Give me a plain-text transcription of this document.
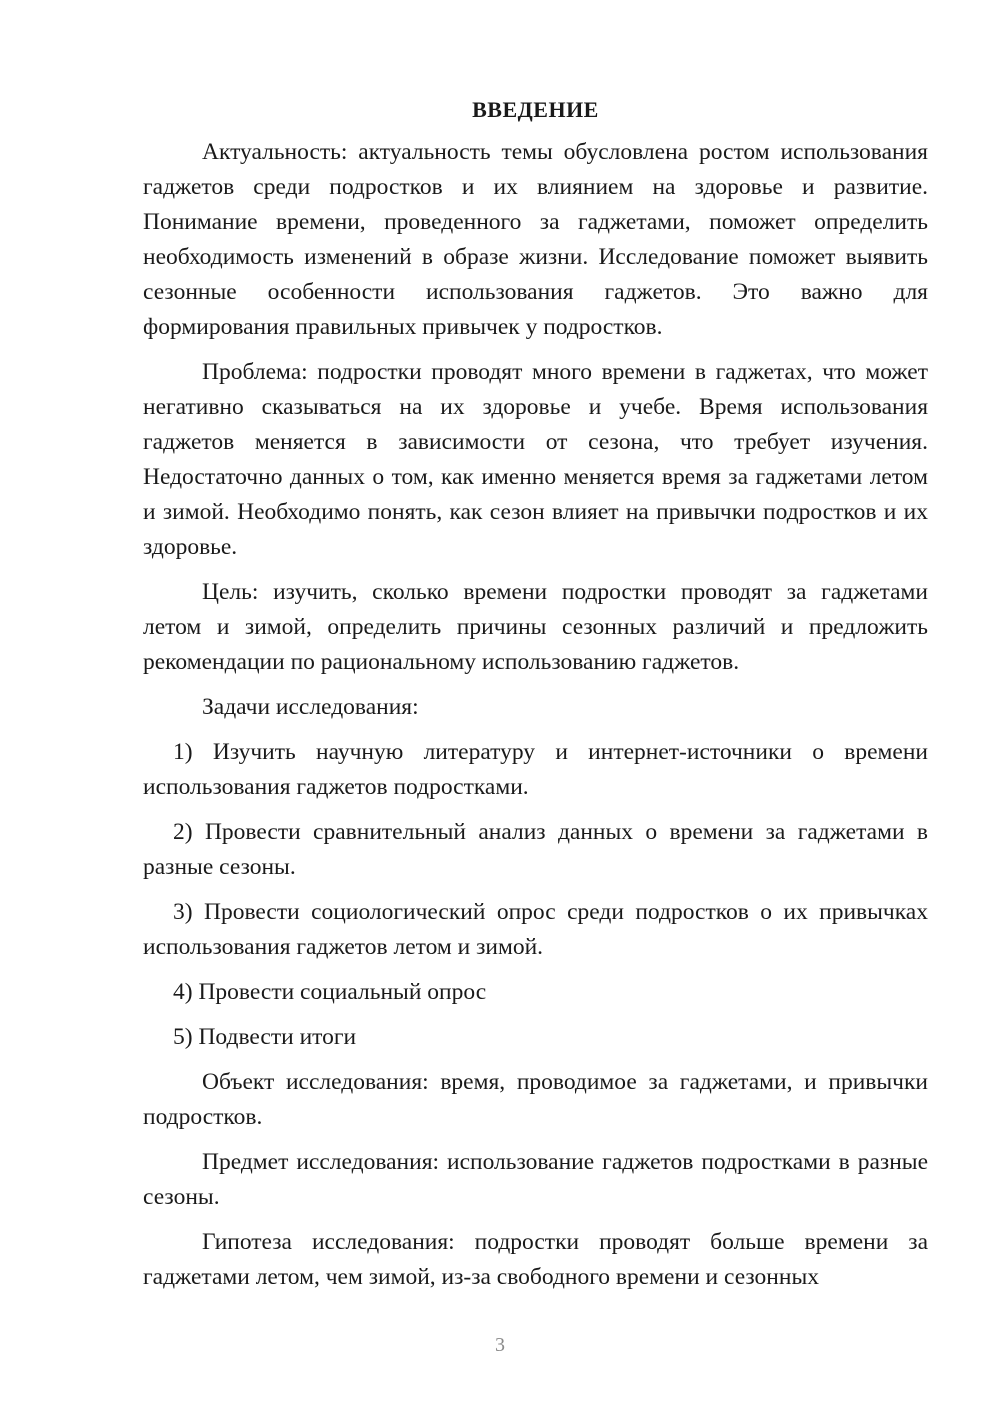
ВВЕДЕНИЕ

Актуальность: актуальность темы обусловлена ростом использования гаджетов среди подростков и их влиянием на здоровье и развитие. Понимание времени, проведенного за гаджетами, поможет определить необходимость изменений в образе жизни. Исследование поможет выявить сезонные особенности использования гаджетов. Это важно для формирования правильных привычек у подростков.

Проблема: подростки проводят много времени в гаджетах, что может негативно сказываться на их здоровье и учебе. Время использования гаджетов меняется в зависимости от сезона, что требует изучения. Недостаточно данных о том, как именно меняется время за гаджетами летом и зимой. Необходимо понять, как сезон влияет на привычки подростков и их здоровье.

Цель: изучить, сколько времени подростки проводят за гаджетами летом и зимой, определить причины сезонных различий и предложить рекомендации по рациональному использованию гаджетов.

Задачи исследования:

1) Изучить научную литературу и интернет-источники о времени использования гаджетов подростками.

2) Провести сравнительный анализ данных о времени за гаджетами в разные сезоны.

3) Провести социологический опрос среди подростков о их привычках использования гаджетов летом и зимой.

4) Провести социальный опрос

5) Подвести итоги

Объект исследования: время, проводимое за гаджетами, и привычки подростков.

Предмет исследования: использование гаджетов подростками в разные сезоны.

Гипотеза исследования: подростки проводят больше времени за гаджетами летом, чем зимой, из-за свободного времени и сезонных

3
